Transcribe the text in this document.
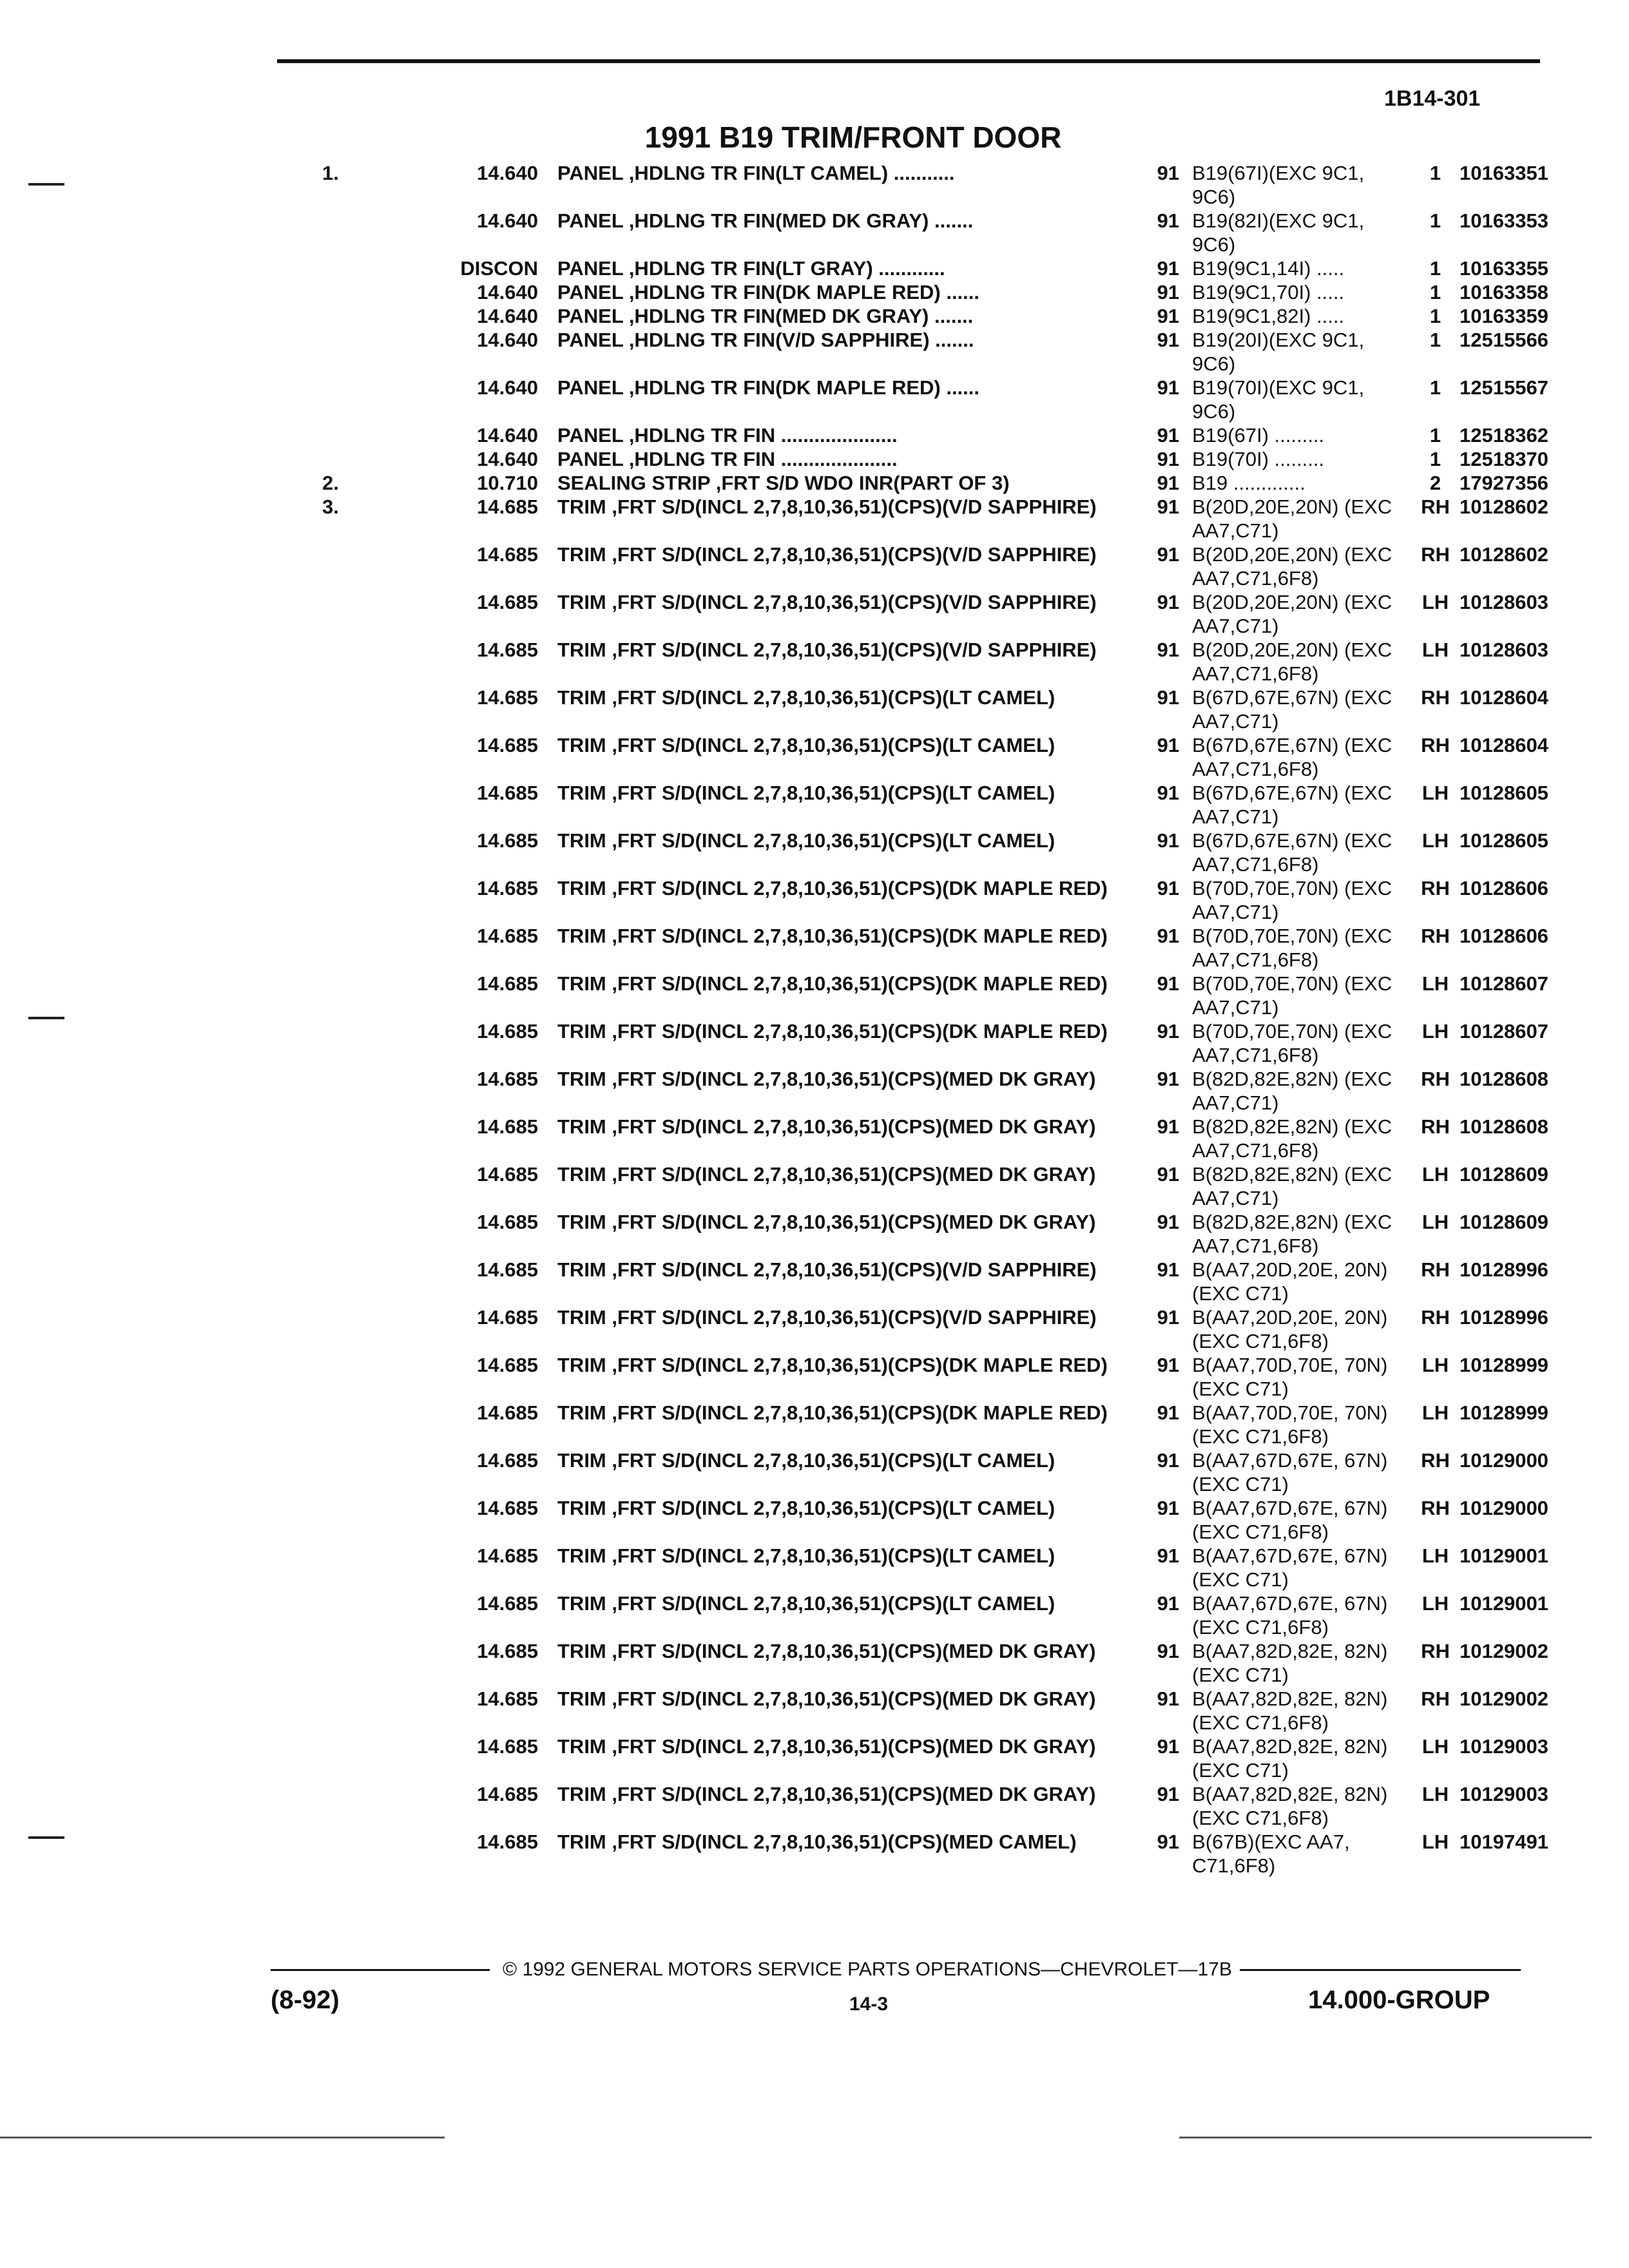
1B14-301
1991 B19 TRIM/FRONT DOOR
1.	14.640	PANEL ,HDLNG TR FIN(LT CAMEL) ...........	91	B19(67I)(EXC 9C1, 9C6)	1	10163351
	14.640	PANEL ,HDLNG TR FIN(MED DK GRAY) .......	91	B19(82I)(EXC 9C1, 9C6)	1	10163353
	DISCON	PANEL ,HDLNG TR FIN(LT GRAY) ............	91	B19(9C1,14I) .....	1	10163355
	14.640	PANEL ,HDLNG TR FIN(DK MAPLE RED) ......	91	B19(9C1,70I) .....	1	10163358
	14.640	PANEL ,HDLNG TR FIN(MED DK GRAY) .......	91	B19(9C1,82I) .....	1	10163359
	14.640	PANEL ,HDLNG TR FIN(V/D SAPPHIRE) .......	91	B19(20I)(EXC 9C1, 9C6)	1	12515566
	14.640	PANEL ,HDLNG TR FIN(DK MAPLE RED) ......	91	B19(70I)(EXC 9C1, 9C6)	1	12515567
	14.640	PANEL ,HDLNG TR FIN .....................	91	B19(67I) .........	1	12518362
	14.640	PANEL ,HDLNG TR FIN .....................	91	B19(70I) .........	1	12518370
2.	10.710	SEALING STRIP ,FRT S/D WDO INR(PART OF 3)	91	B19 .............	2	17927356
3.	14.685	TRIM ,FRT S/D(INCL 2,7,8,10,36,51)(CPS)(V/D SAPPHIRE)	91	B(20D,20E,20N) (EXC AA7,C71)	RH	10128602
	14.685	TRIM ,FRT S/D(INCL 2,7,8,10,36,51)(CPS)(V/D SAPPHIRE)	91	B(20D,20E,20N) (EXC AA7,C71,6F8)	RH	10128602
	14.685	TRIM ,FRT S/D(INCL 2,7,8,10,36,51)(CPS)(V/D SAPPHIRE)	91	B(20D,20E,20N) (EXC AA7,C71)	LH	10128603
	14.685	TRIM ,FRT S/D(INCL 2,7,8,10,36,51)(CPS)(V/D SAPPHIRE)	91	B(20D,20E,20N) (EXC AA7,C71,6F8)	LH	10128603
	14.685	TRIM ,FRT S/D(INCL 2,7,8,10,36,51)(CPS)(LT CAMEL)	91	B(67D,67E,67N) (EXC AA7,C71)	RH	10128604
	14.685	TRIM ,FRT S/D(INCL 2,7,8,10,36,51)(CPS)(LT CAMEL)	91	B(67D,67E,67N) (EXC AA7,C71,6F8)	RH	10128604
	14.685	TRIM ,FRT S/D(INCL 2,7,8,10,36,51)(CPS)(LT CAMEL)	91	B(67D,67E,67N) (EXC AA7,C71)	LH	10128605
	14.685	TRIM ,FRT S/D(INCL 2,7,8,10,36,51)(CPS)(LT CAMEL)	91	B(67D,67E,67N) (EXC AA7,C71,6F8)	LH	10128605
	14.685	TRIM ,FRT S/D(INCL 2,7,8,10,36,51)(CPS)(DK MAPLE RED)	91	B(70D,70E,70N) (EXC AA7,C71)	RH	10128606
	14.685	TRIM ,FRT S/D(INCL 2,7,8,10,36,51)(CPS)(DK MAPLE RED)	91	B(70D,70E,70N) (EXC AA7,C71,6F8)	RH	10128606
	14.685	TRIM ,FRT S/D(INCL 2,7,8,10,36,51)(CPS)(DK MAPLE RED)	91	B(70D,70E,70N) (EXC AA7,C71)	LH	10128607
	14.685	TRIM ,FRT S/D(INCL 2,7,8,10,36,51)(CPS)(DK MAPLE RED)	91	B(70D,70E,70N) (EXC AA7,C71,6F8)	LH	10128607
	14.685	TRIM ,FRT S/D(INCL 2,7,8,10,36,51)(CPS)(MED DK GRAY)	91	B(82D,82E,82N) (EXC AA7,C71)	RH	10128608
	14.685	TRIM ,FRT S/D(INCL 2,7,8,10,36,51)(CPS)(MED DK GRAY)	91	B(82D,82E,82N) (EXC AA7,C71,6F8)	RH	10128608
	14.685	TRIM ,FRT S/D(INCL 2,7,8,10,36,51)(CPS)(MED DK GRAY)	91	B(82D,82E,82N) (EXC AA7,C71)	LH	10128609
	14.685	TRIM ,FRT S/D(INCL 2,7,8,10,36,51)(CPS)(MED DK GRAY)	91	B(82D,82E,82N) (EXC AA7,C71,6F8)	LH	10128609
	14.685	TRIM ,FRT S/D(INCL 2,7,8,10,36,51)(CPS)(V/D SAPPHIRE)	91	B(AA7,20D,20E, 20N)(EXC C71)	RH	10128996
	14.685	TRIM ,FRT S/D(INCL 2,7,8,10,36,51)(CPS)(V/D SAPPHIRE)	91	B(AA7,20D,20E, 20N)(EXC C71,6F8)	RH	10128996
	14.685	TRIM ,FRT S/D(INCL 2,7,8,10,36,51)(CPS)(DK MAPLE RED)	91	B(AA7,70D,70E, 70N)(EXC C71)	LH	10128999
	14.685	TRIM ,FRT S/D(INCL 2,7,8,10,36,51)(CPS)(DK MAPLE RED)	91	B(AA7,70D,70E, 70N)(EXC C71,6F8)	LH	10128999
	14.685	TRIM ,FRT S/D(INCL 2,7,8,10,36,51)(CPS)(LT CAMEL)	91	B(AA7,67D,67E, 67N)(EXC C71)	RH	10129000
	14.685	TRIM ,FRT S/D(INCL 2,7,8,10,36,51)(CPS)(LT CAMEL)	91	B(AA7,67D,67E, 67N)(EXC C71,6F8)	RH	10129000
	14.685	TRIM ,FRT S/D(INCL 2,7,8,10,36,51)(CPS)(LT CAMEL)	91	B(AA7,67D,67E, 67N)(EXC C71)	LH	10129001
	14.685	TRIM ,FRT S/D(INCL 2,7,8,10,36,51)(CPS)(LT CAMEL)	91	B(AA7,67D,67E, 67N)(EXC C71,6F8)	LH	10129001
	14.685	TRIM ,FRT S/D(INCL 2,7,8,10,36,51)(CPS)(MED DK GRAY)	91	B(AA7,82D,82E, 82N)(EXC C71)	RH	10129002
	14.685	TRIM ,FRT S/D(INCL 2,7,8,10,36,51)(CPS)(MED DK GRAY)	91	B(AA7,82D,82E, 82N)(EXC C71,6F8)	RH	10129002
	14.685	TRIM ,FRT S/D(INCL 2,7,8,10,36,51)(CPS)(MED DK GRAY)	91	B(AA7,82D,82E, 82N)(EXC C71)	LH	10129003
	14.685	TRIM ,FRT S/D(INCL 2,7,8,10,36,51)(CPS)(MED DK GRAY)	91	B(AA7,82D,82E, 82N)(EXC C71,6F8)	LH	10129003
	14.685	TRIM ,FRT S/D(INCL 2,7,8,10,36,51)(CPS)(MED CAMEL)	91	B(67B)(EXC AA7, C71,6F8)	LH	10197491
© 1992 GENERAL MOTORS SERVICE PARTS OPERATIONS—CHEVROLET—17B
(8-92)	14-3	14.000-GROUP
